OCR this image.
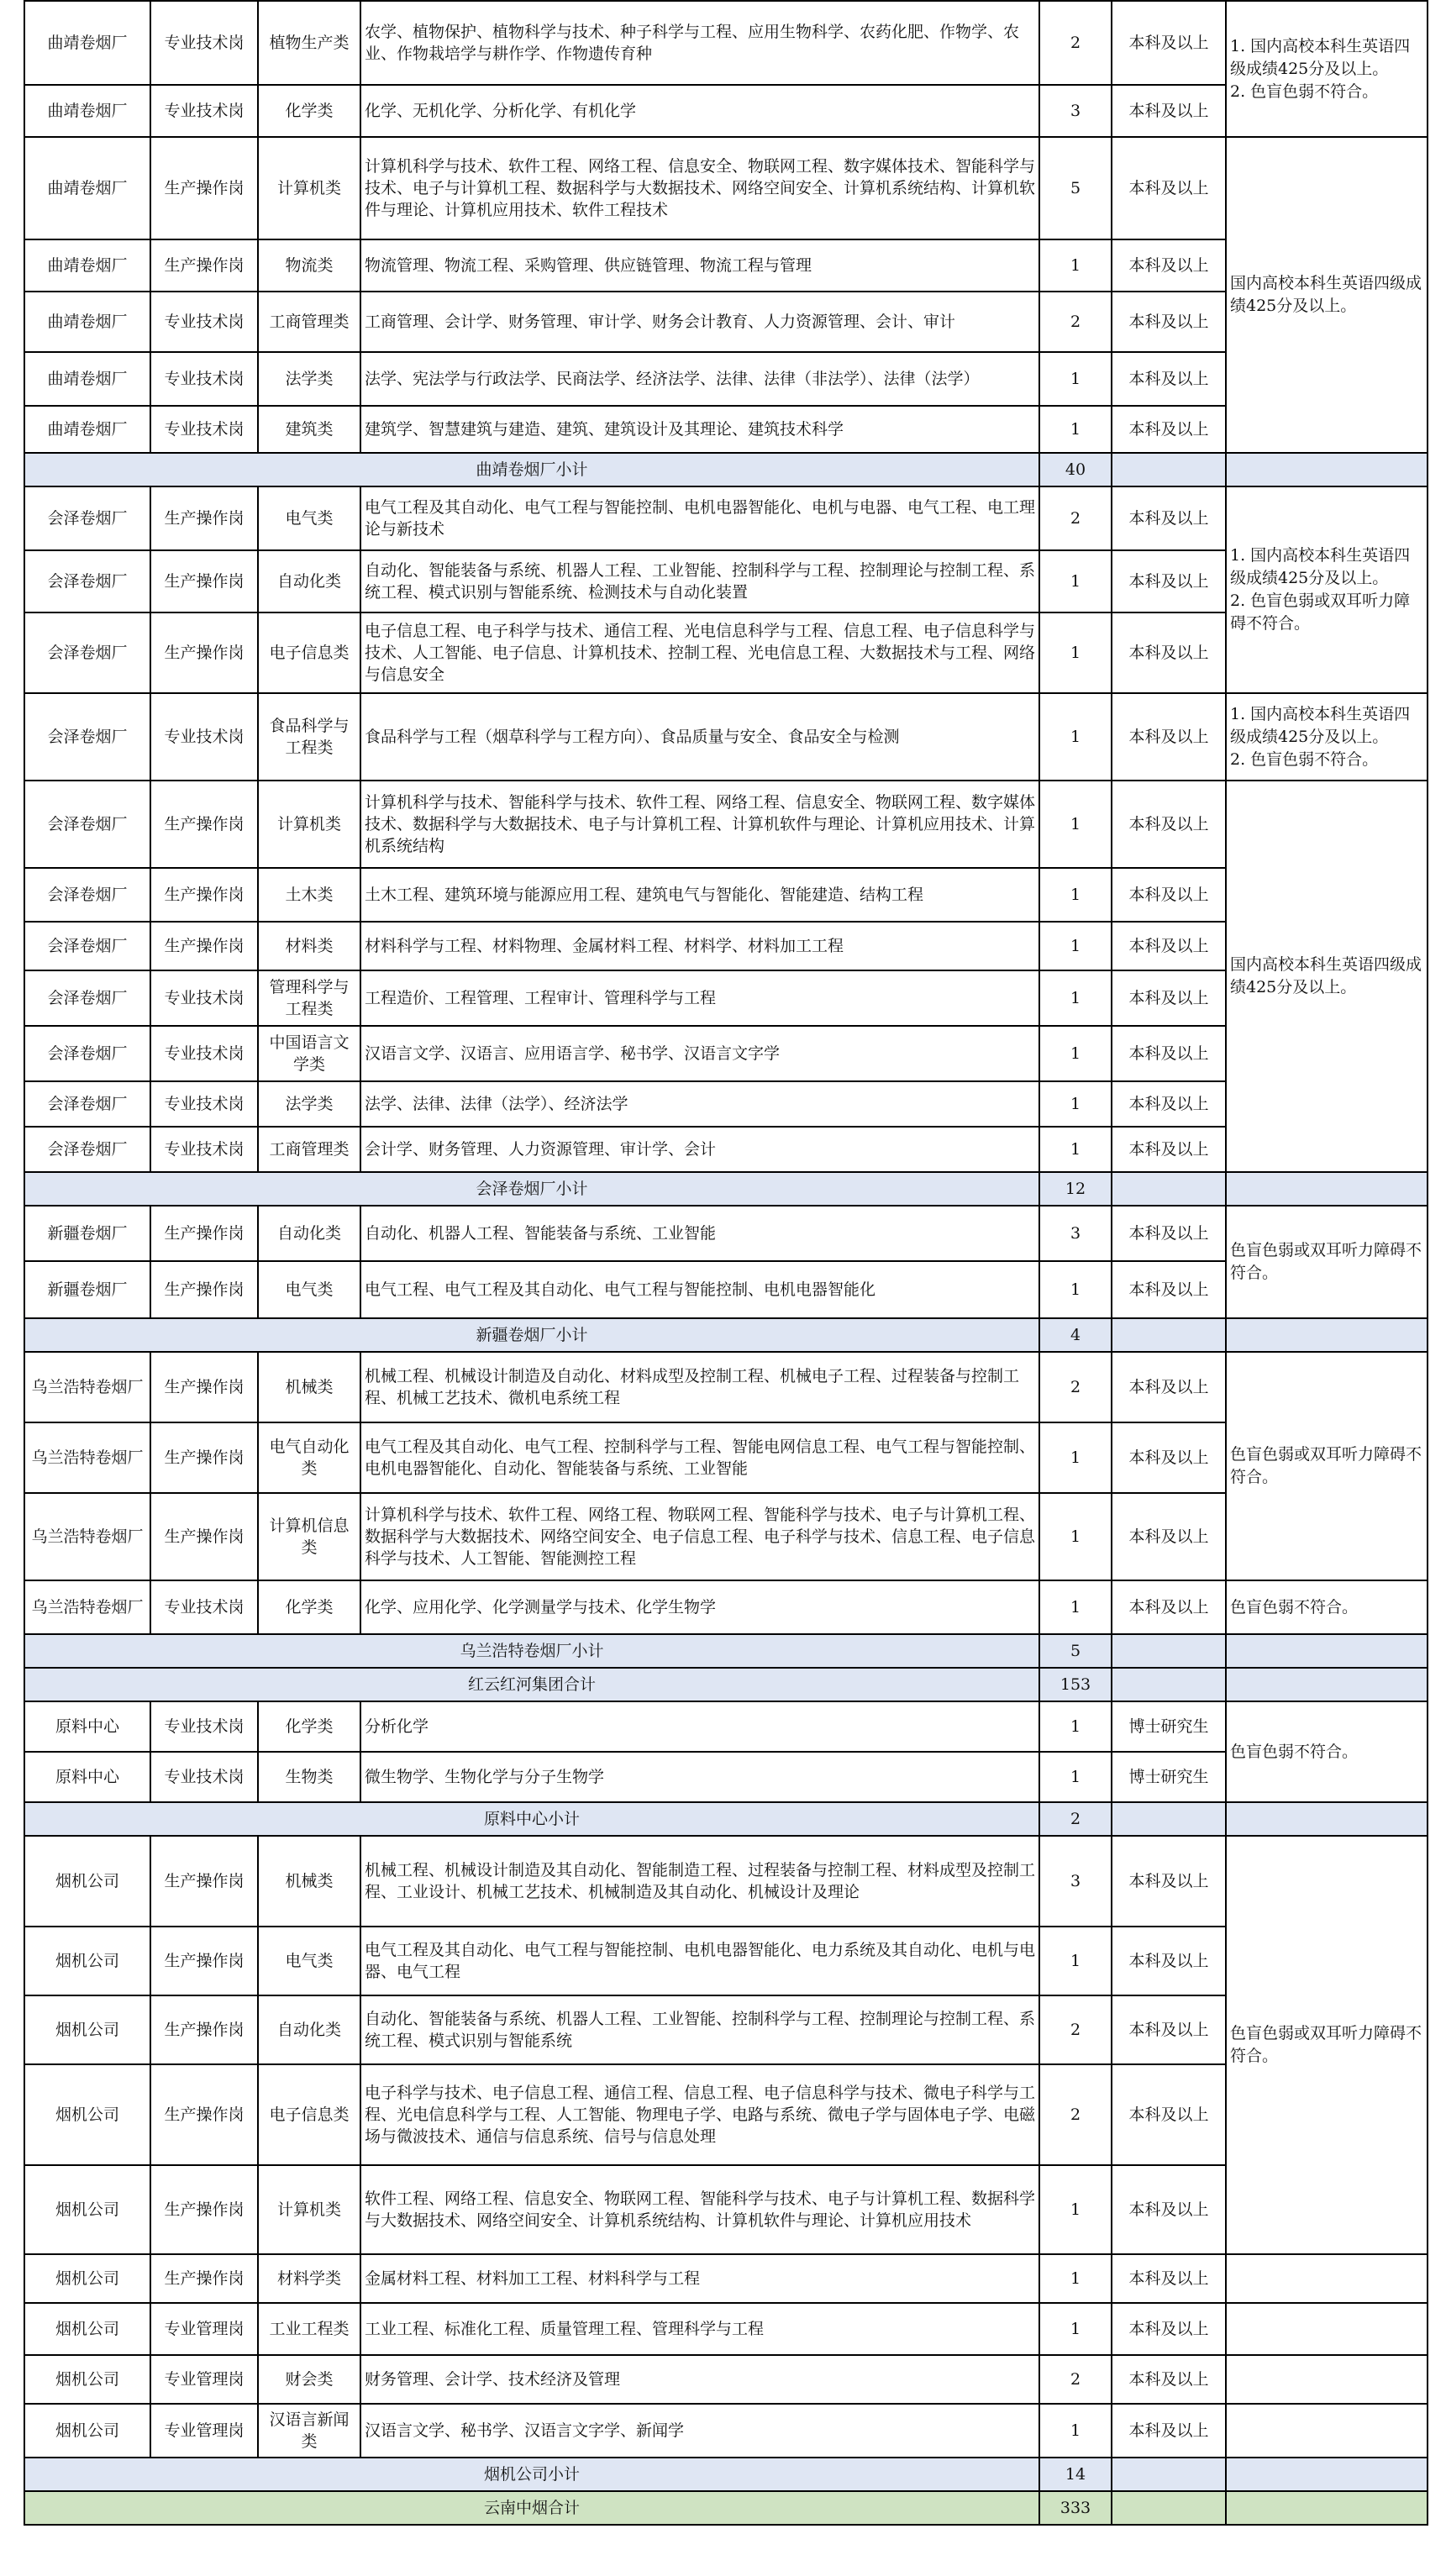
曲靖卷烟厂	专业技术岗	植物生产类	农学、植物保护、植物科学与技术、种子科学与工程、应用生物科学、农药化肥、作物学、农业、作物栽培学与耕作学、作物遗传育种	2	本科及以上	1. 国内高校本科生英语四级成绩425分及以上。
2. 色盲色弱不符合。

曲靖卷烟厂	专业技术岗	化学类	化学、无机化学、分析化学、有机化学	3	本科及以上	
曲靖卷烟厂	生产操作岗	计算机类	计算机科学与技术、软件工程、网络工程、信息安全、物联网工程、数字媒体技术、智能科学与技术、电子与计算机工程、数据科学与大数据技术、网络空间安全、计算机系统结构、计算机软件与理论、计算机应用技术、软件工程技术	5	本科及以上	国内高校本科生英语四级成绩425分及以上。

曲靖卷烟厂	生产操作岗	物流类	物流管理、物流工程、采购管理、供应链管理、物流工程与管理	1	本科及以上	
曲靖卷烟厂	专业技术岗	工商管理类	工商管理、会计学、财务管理、审计学、财务会计教育、人力资源管理、会计、审计	2	本科及以上	
曲靖卷烟厂	专业技术岗	法学类	法学、宪法学与行政法学、民商法学、经济法学、法律、法律（非法学）、法律（法学）	1	本科及以上	
曲靖卷烟厂	专业技术岗	建筑类	建筑学、智慧建筑与建造、建筑、建筑设计及其理论、建筑技术科学	1	本科及以上	
曲靖卷烟厂小计				40		
会泽卷烟厂	生产操作岗	电气类	电气工程及其自动化、电气工程与智能控制、电机电器智能化、电机与电器、电气工程、电工理论与新技术	2	本科及以上	1. 国内高校本科生英语四级成绩425分及以上。
2. 色盲色弱或双耳听力障碍不符合。

会泽卷烟厂	生产操作岗	自动化类	自动化、智能装备与系统、机器人工程、工业智能、控制科学与工程、控制理论与控制工程、系统工程、模式识别与智能系统、检测技术与自动化装置	1	本科及以上	
会泽卷烟厂	生产操作岗	电子信息类	电子信息工程、电子科学与技术、通信工程、光电信息科学与工程、信息工程、电子信息科学与技术、人工智能、电子信息、计算机技术、控制工程、光电信息工程、大数据技术与工程、网络与信息安全	1	本科及以上	
会泽卷烟厂	专业技术岗	食品科学与工程类	食品科学与工程（烟草科学与工程方向）、食品质量与安全、食品安全与检测	1	本科及以上	1. 国内高校本科生英语四级成绩425分及以上。
2. 色盲色弱不符合。

会泽卷烟厂	生产操作岗	计算机类	计算机科学与技术、智能科学与技术、软件工程、网络工程、信息安全、物联网工程、数字媒体技术、数据科学与大数据技术、电子与计算机工程、计算机软件与理论、计算机应用技术、计算机系统结构	1	本科及以上	国内高校本科生英语四级成绩425分及以上。

会泽卷烟厂	生产操作岗	土木类	土木工程、建筑环境与能源应用工程、建筑电气与智能化、智能建造、结构工程	1	本科及以上	
会泽卷烟厂	生产操作岗	材料类	材料科学与工程、材料物理、金属材料工程、材料学、材料加工工程	1	本科及以上	
会泽卷烟厂	专业技术岗	管理科学与工程类	工程造价、工程管理、工程审计、管理科学与工程	1	本科及以上	
会泽卷烟厂	专业技术岗	中国语言文学类	汉语言文学、汉语言、应用语言学、秘书学、汉语言文字学	1	本科及以上	
会泽卷烟厂	专业技术岗	法学类	法学、法律、法律（法学）、经济法学	1	本科及以上	
会泽卷烟厂	专业技术岗	工商管理类	会计学、财务管理、人力资源管理、审计学、会计	1	本科及以上	
会泽卷烟厂小计				12		
新疆卷烟厂	生产操作岗	自动化类	自动化、机器人工程、智能装备与系统、工业智能	3	本科及以上	色盲色弱或双耳听力障碍不符合。

新疆卷烟厂	生产操作岗	电气类	电气工程、电气工程及其自动化、电气工程与智能控制、电机电器智能化	1	本科及以上	
新疆卷烟厂小计				4		
乌兰浩特卷烟厂	生产操作岗	机械类	机械工程、机械设计制造及自动化、材料成型及控制工程、机械电子工程、过程装备与控制工程、机械工艺技术、微机电系统工程	2	本科及以上	色盲色弱或双耳听力障碍不符合。

乌兰浩特卷烟厂	生产操作岗	电气自动化类	电气工程及其自动化、电气工程、控制科学与工程、智能电网信息工程、电气工程与智能控制、电机电器智能化、自动化、智能装备与系统、工业智能	1	本科及以上	
乌兰浩特卷烟厂	生产操作岗	计算机信息类	计算机科学与技术、软件工程、网络工程、物联网工程、智能科学与技术、电子与计算机工程、数据科学与大数据技术、网络空间安全、电子信息工程、电子科学与技术、信息工程、电子信息科学与技术、人工智能、智能测控工程	1	本科及以上	
乌兰浩特卷烟厂	专业技术岗	化学类	化学、应用化学、化学测量学与技术、化学生物学	1	本科及以上	色盲色弱不符合。

乌兰浩特卷烟厂小计				5		
红云红河集团合计				153		
原料中心	专业技术岗	化学类	分析化学	1	博士研究生	色盲色弱不符合。

原料中心	专业技术岗	生物类	微生物学、生物化学与分子生物学	1	博士研究生	
原料中心小计				2		
烟机公司	生产操作岗	机械类	机械工程、机械设计制造及其自动化、智能制造工程、过程装备与控制工程、材料成型及控制工程、工业设计、机械工艺技术、机械制造及其自动化、机械设计及理论	3	本科及以上	色盲色弱或双耳听力障碍不符合。

烟机公司	生产操作岗	电气类	电气工程及其自动化、电气工程与智能控制、电机电器智能化、电力系统及其自动化、电机与电器、电气工程	1	本科及以上	
烟机公司	生产操作岗	自动化类	自动化、智能装备与系统、机器人工程、工业智能、控制科学与工程、控制理论与控制工程、系统工程、模式识别与智能系统	2	本科及以上	
烟机公司	生产操作岗	电子信息类	电子科学与技术、电子信息工程、通信工程、信息工程、电子信息科学与技术、微电子科学与工程、光电信息科学与工程、人工智能、物理电子学、电路与系统、微电子学与固体电子学、电磁场与微波技术、通信与信息系统、信号与信息处理	2	本科及以上	
烟机公司	生产操作岗	计算机类	软件工程、网络工程、信息安全、物联网工程、智能科学与技术、电子与计算机工程、数据科学与大数据技术、网络空间安全、计算机系统结构、计算机软件与理论、计算机应用技术	1	本科及以上	
烟机公司	生产操作岗	材料学类	金属材料工程、材料加工工程、材料科学与工程	1	本科及以上	

烟机公司	专业管理岗	工业工程类	工业工程、标准化工程、质量管理工程、管理科学与工程	1	本科及以上	

烟机公司	专业管理岗	财会类	财务管理、会计学、技术经济及管理	2	本科及以上	

烟机公司	专业管理岗	汉语言新闻类	汉语言文学、秘书学、汉语言文字学、新闻学	1	本科及以上	

烟机公司小计				14		
云南中烟合计				333		
